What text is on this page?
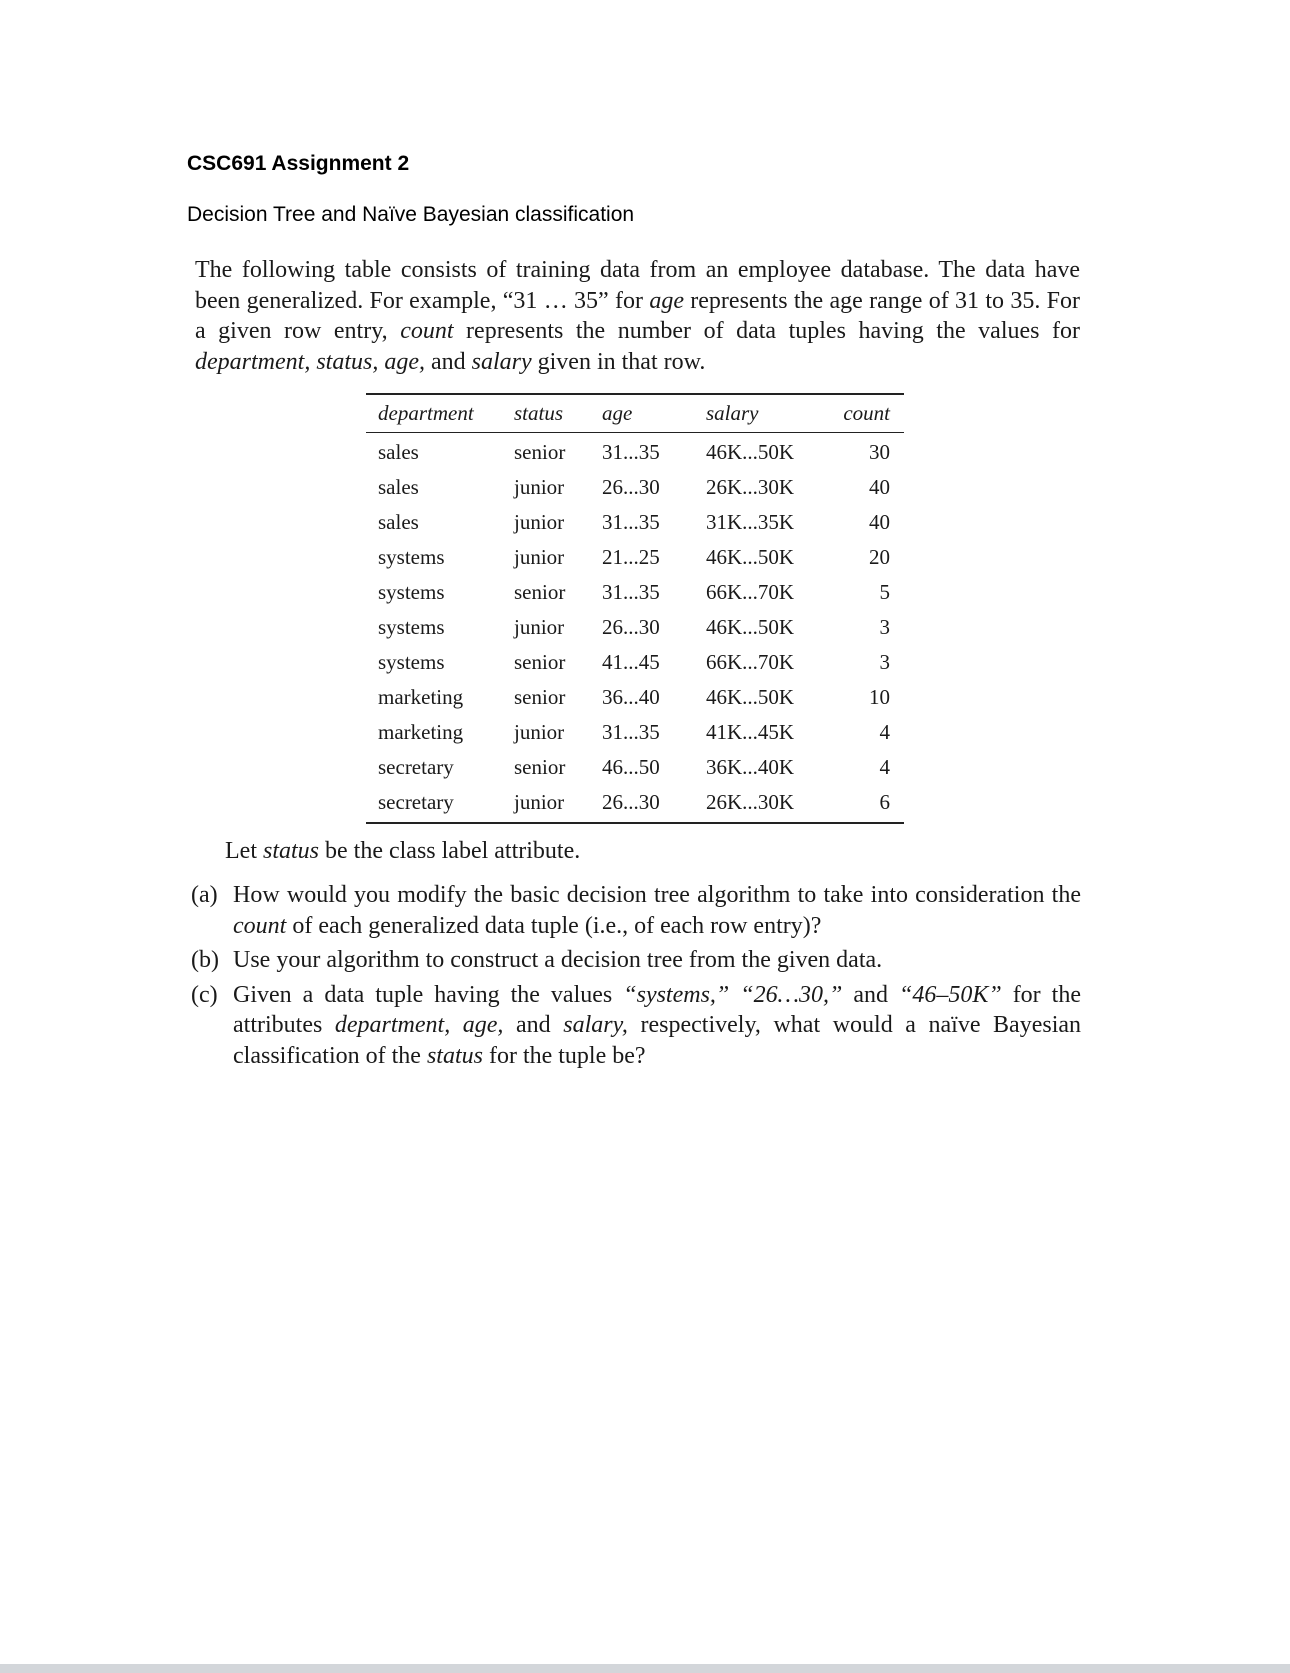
CSC691 Assignment 2

Decision Tree and Naïve Bayesian classification

The following table consists of training data from an employee database. The data have been generalized. For example, “31 … 35” for age represents the age range of 31 to 35. For a given row entry, count represents the number of data tuples having the values for department, status, age, and salary given in that row.

department	status	age	salary	count
sales	senior	31...35	46K...50K	30
sales	junior	26...30	26K...30K	40
sales	junior	31...35	31K...35K	40
systems	junior	21...25	46K...50K	20
systems	senior	31...35	66K...70K	5
systems	junior	26...30	46K...50K	3
systems	senior	41...45	66K...70K	3
marketing	senior	36...40	46K...50K	10
marketing	junior	31...35	41K...45K	4
secretary	senior	46...50	36K...40K	4
secretary	junior	26...30	26K...30K	6

Let status be the class label attribute.

(a) How would you modify the basic decision tree algorithm to take into consideration the count of each generalized data tuple (i.e., of each row entry)?
(b) Use your algorithm to construct a decision tree from the given data.
(c) Given a data tuple having the values “systems,” “26…30,” and “46–50K” for the attributes department, age, and salary, respectively, what would a naïve Bayesian classification of the status for the tuple be?
